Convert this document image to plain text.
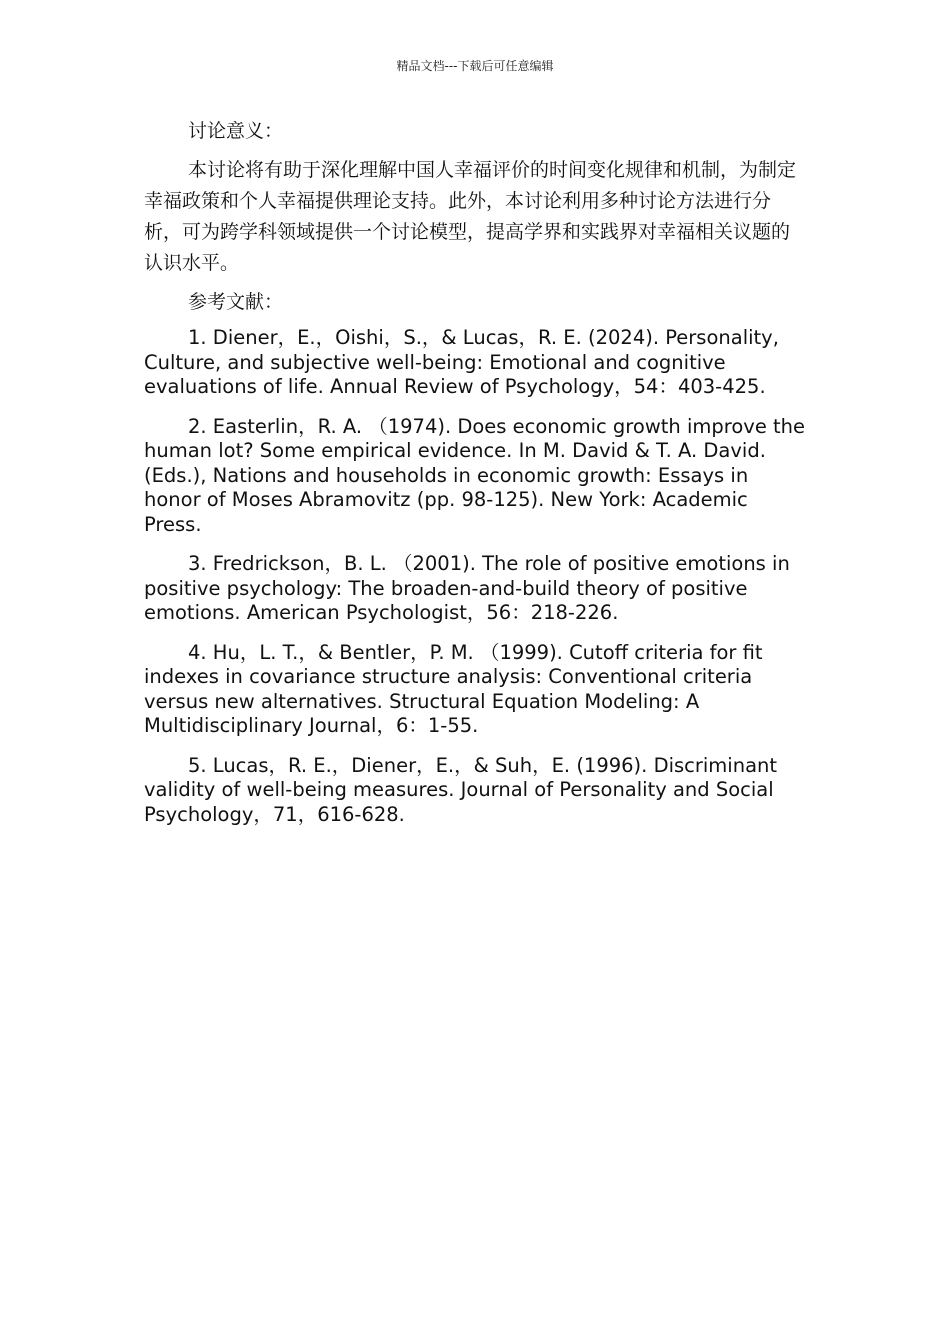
精品文档---下载后可任意编辑

讨论意义：

本讨论将有助于深化理解中国人幸福评价的时间变化规律和机制，为制定幸福政策和个人幸福提供理论支持。此外，本讨论利用多种讨论方法进行分析，可为跨学科领域提供一个讨论模型，提高学界和实践界对幸福相关议题的认识水平。

参考文献：

1. Diener，E.，Oishi，S.，& Lucas，R. E. (2024). Personality, Culture, and subjective well-being: Emotional and cognitive evaluations of life. Annual Review of Psychology，54：403-425.

2. Easterlin，R. A. （1974). Does economic growth improve the human lot? Some empirical evidence. In M. David & T. A. David. (Eds.), Nations and households in economic growth: Essays in honor of Moses Abramovitz (pp. 98-125). New York: Academic Press.

3. Fredrickson，B. L. （2001). The role of positive emotions in positive psychology: The broaden-and-build theory of positive emotions. American Psychologist，56：218-226.

4. Hu，L. T.，& Bentler，P. M. （1999). Cutoff criteria for fit indexes in covariance structure analysis: Conventional criteria versus new alternatives. Structural Equation Modeling: A Multidisciplinary Journal，6：1-55.

5. Lucas，R. E.，Diener，E.，& Suh，E. (1996). Discriminant validity of well-being measures. Journal of Personality and Social Psychology，71，616-628.
